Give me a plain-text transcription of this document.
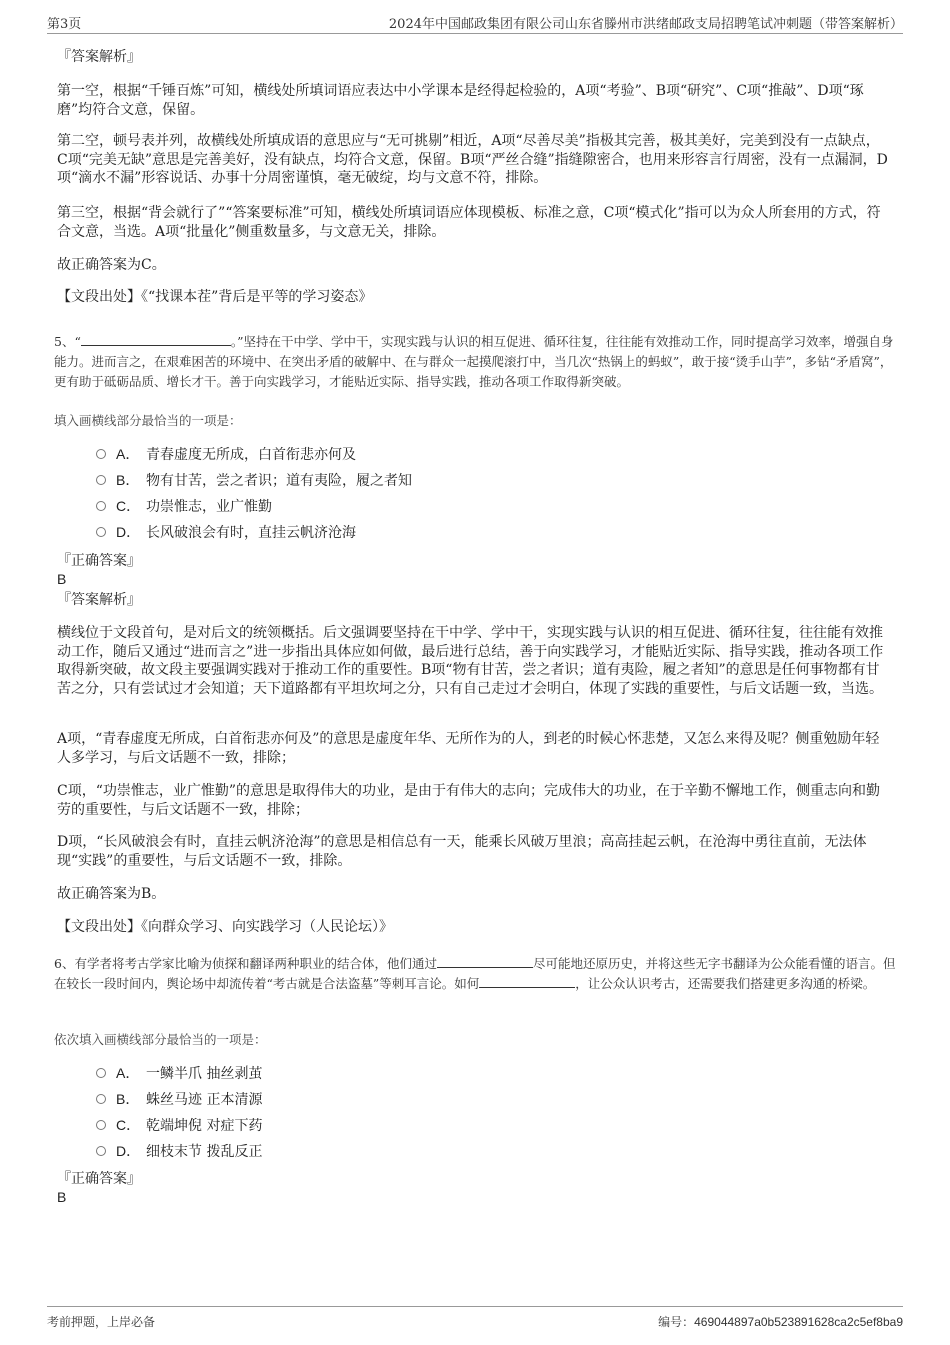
第3页	2024年中国邮政集团有限公司山东省滕州市洪绪邮政支局招聘笔试冲刺题（带答案解析）
『答案解析』
第一空，根据“千锤百炼”可知，横线处所填词语应表达中小学课本是经得起检验的，A项“考验”、B项“研究”、C项“推敲”、D项“琢磨”均符合文意，保留。
第二空，顿号表并列，故横线处所填成语的意思应与“无可挑剔”相近，A项“尽善尽美”指极其完善，极其美好，完美到没有一点缺点，C项“完美无缺”意思是完善美好，没有缺点，均符合文意，保留。B项“严丝合缝”指缝隙密合，也用来形容言行周密，没有一点漏洞，D项“滴水不漏”形容说话、办事十分周密谨慎，毫无破绽，均与文意不符，排除。
第三空，根据“背会就行了”“答案要标准”可知，横线处所填词语应体现模板、标准之意，C项“模式化”指可以为众人所套用的方式，符合文意，当选。A项“批量化”侧重数量多，与文意无关，排除。
故正确答案为C。
【文段出处】《“找课本茬”背后是平等的学习姿态》
5、“	。”坚持在干中学、学中干，实现实践与认识的相互促进、循环往复，往往能有效推动工作，同时提高学习效率，增强自身能力。进而言之，在艰难困苦的环境中、在突出矛盾的破解中、在与群众一起摸爬滚打中，当几次“热锅上的蚂蚁”，敢于接“烫手山芋”，多钻“矛盾窝”，更有助于砥砺品质、增长才干。善于向实践学习，才能贴近实际、指导实践，推动各项工作取得新突破。
填入画横线部分最恰当的一项是：
A． 青春虚度无所成，白首衔悲亦何及
B． 物有甘苦，尝之者识；道有夷险，履之者知
C． 功崇惟志，业广惟勤
D． 长风破浪会有时，直挂云帆济沧海
『正确答案』
B
『答案解析』
横线位于文段首句，是对后文的统领概括。后文强调要坚持在干中学、学中干，实现实践与认识的相互促进、循环往复，往往能有效推动工作，随后又通过“进而言之”进一步指出具体应如何做，最后进行总结，善于向实践学习，才能贴近实际、指导实践，推动各项工作取得新突破，故文段主要强调实践对于推动工作的重要性。B项“物有甘苦，尝之者识；道有夷险，履之者知”的意思是任何事物都有甘苦之分，只有尝试过才会知道；天下道路都有平坦坎坷之分，只有自己走过才会明白，体现了实践的重要性，与后文话题一致，当选。
A项，“青春虚度无所成，白首衔悲亦何及”的意思是虚度年华、无所作为的人，到老的时候心怀悲楚，又怎么来得及呢？侧重勉励年轻人多学习，与后文话题不一致，排除；
C项，“功崇惟志，业广惟勤”的意思是取得伟大的功业，是由于有伟大的志向；完成伟大的功业，在于辛勤不懈地工作，侧重志向和勤劳的重要性，与后文话题不一致，排除；
D项，“长风破浪会有时，直挂云帆济沧海”的意思是相信总有一天，能乘长风破万里浪；高高挂起云帆，在沧海中勇往直前，无法体现“实践”的重要性，与后文话题不一致，排除。
故正确答案为B。
【文段出处】《向群众学习、向实践学习（人民论坛）》
6、有学者将考古学家比喻为侦探和翻译两种职业的结合体，他们通过	尽可能地还原历史，并将这些无字书翻译为公众能看懂的语言。但在较长一段时间内，舆论场中却流传着“考古就是合法盗墓”等刺耳言论。如何	，让公众认识考古，还需要我们搭建更多沟通的桥梁。
依次填入画横线部分最恰当的一项是：
A． 一鳞半爪 抽丝剥茧
B． 蛛丝马迹 正本清源
C． 乾端坤倪 对症下药
D． 细枝末节 拨乱反正
『正确答案』
B
考前押题，上岸必备	编号：469044897a0b523891628ca2c5ef8ba9
